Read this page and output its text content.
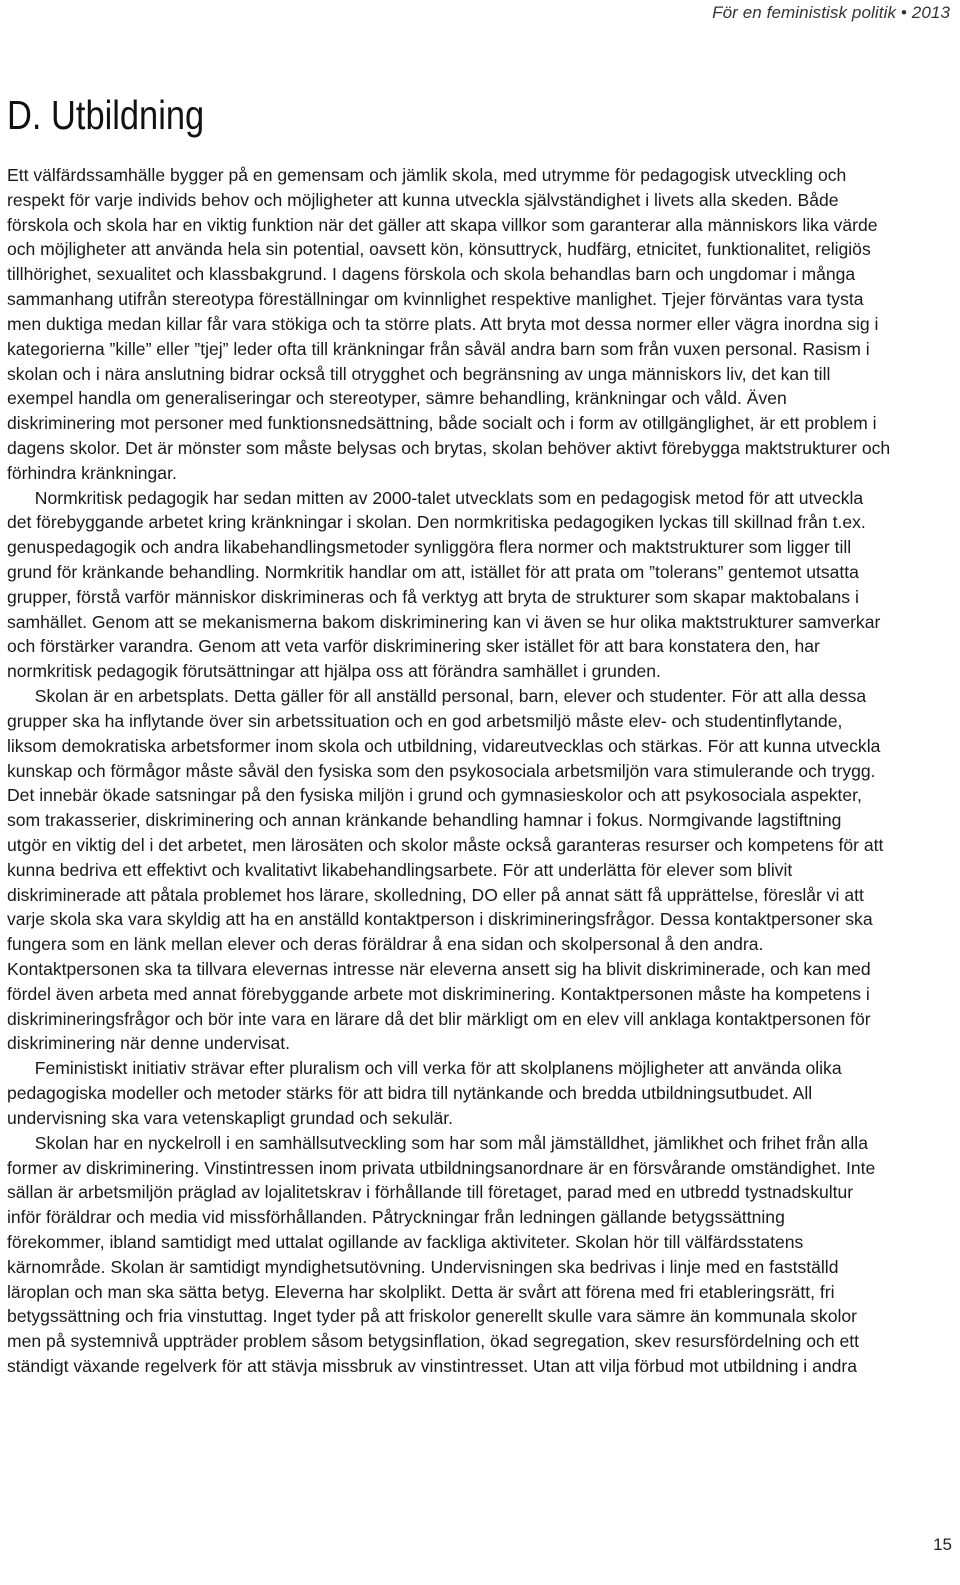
För en feministisk politik • 2013
D. Utbildning
Ett välfärdssamhälle bygger på en gemensam och jämlik skola, med utrymme för pedagogisk utveckling och
respekt för varje individs behov och möjligheter att kunna utveckla självständighet i livets alla skeden. Både
förskola och skola har en viktig funktion när det gäller att skapa villkor som garanterar alla människors lika värde
och möjligheter att använda hela sin potential, oavsett kön, könsuttryck, hudfärg, etnicitet, funktionalitet, religiös
tillhörighet, sexualitet och klassbakgrund. I dagens förskola och skola behandlas barn och ungdomar i många
sammanhang utifrån stereotypa föreställningar om kvinnlighet respektive manlighet. Tjejer förväntas vara tysta
men duktiga medan killar får vara stökiga och ta större plats. Att bryta mot dessa normer eller vägra inordna sig i
kategorierna ”kille” eller ”tjej” leder ofta till kränkningar från såväl andra barn som från vuxen personal. Rasism i
skolan och i nära anslutning bidrar också till otrygghet och begränsning av unga människors liv, det kan till
exempel handla om generaliseringar och stereotyper, sämre behandling, kränkningar och våld. Även
diskriminering mot personer med funktionsnedsättning, både socialt och i form av otillgänglighet, är ett problem i
dagens skolor. Det är mönster som måste belysas och brytas, skolan behöver aktivt förebygga maktstrukturer och
förhindra kränkningar.
Normkritisk pedagogik har sedan mitten av 2000-talet utvecklats som en pedagogisk metod för att utveckla
det förebyggande arbetet kring kränkningar i skolan. Den normkritiska pedagogiken lyckas till skillnad från t.ex.
genuspedagogik och andra likabehandlingsmetoder synliggöra flera normer och maktstrukturer som ligger till
grund för kränkande behandling. Normkritik handlar om att, istället för att prata om ”tolerans” gentemot utsatta
grupper, förstå varför människor diskrimineras och få verktyg att bryta de strukturer som skapar maktobalans i
samhället. Genom att se mekanismerna bakom diskriminering kan vi även se hur olika maktstrukturer samverkar
och förstärker varandra. Genom att veta varför diskriminering sker istället för att bara konstatera den, har
normkritisk pedagogik förutsättningar att hjälpa oss att förändra samhället i grunden.
Skolan är en arbetsplats. Detta gäller för all anställd personal, barn, elever och studenter. För att alla dessa
grupper ska ha inflytande över sin arbetssituation och en god arbetsmiljö måste elev- och studentinflytande,
liksom demokratiska arbetsformer inom skola och utbildning, vidareutvecklas och stärkas. För att kunna utveckla
kunskap och förmågor måste såväl den fysiska som den psykosociala arbetsmiljön vara stimulerande och trygg.
Det innebär ökade satsningar på den fysiska miljön i grund och gymnasieskolor och att psykosociala aspekter,
som trakasserier, diskriminering och annan kränkande behandling hamnar i fokus. Normgivande lagstiftning
utgör en viktig del i det arbetet, men lärosäten och skolor måste också garanteras resurser och kompetens för att
kunna bedriva ett effektivt och kvalitativt likabehandlingsarbete. För att underlätta för elever som blivit
diskriminerade att påtala problemet hos lärare, skolledning, DO eller på annat sätt få upprättelse, föreslår vi att
varje skola ska vara skyldig att ha en anställd kontaktperson i diskrimineringsfrågor. Dessa kontaktpersoner ska
fungera som en länk mellan elever och deras föräldrar å ena sidan och skolpersonal å den andra.
Kontaktpersonen ska ta tillvara elevernas intresse när eleverna ansett sig ha blivit diskriminerade, och kan med
fördel även arbeta med annat förebyggande arbete mot diskriminering. Kontaktpersonen måste ha kompetens i
diskrimineringsfrågor och bör inte vara en lärare då det blir märkligt om en elev vill anklaga kontaktpersonen för
diskriminering när denne undervisat.
Feministiskt initiativ strävar efter pluralism och vill verka för att skolplanens möjligheter att använda olika
pedagogiska modeller och metoder stärks för att bidra till nytänkande och bredda utbildningsutbudet. All
undervisning ska vara vetenskapligt grundad och sekulär.
Skolan har en nyckelroll i en samhällsutveckling som har som mål jämställdhet, jämlikhet och frihet från alla
former av diskriminering. Vinstintressen inom privata utbildningsanordnare är en försvårande omständighet. Inte
sällan är arbetsmiljön präglad av lojalitetskrav i förhållande till företaget, parad med en utbredd tystnadskultur
inför föräldrar och media vid missförhållanden. Påtryckningar från ledningen gällande betygssättning
förekommer, ibland samtidigt med uttalat ogillande av fackliga aktiviteter. Skolan hör till välfärdsstatens
kärnområde. Skolan är samtidigt myndighetsutövning. Undervisningen ska bedrivas i linje med en fastställd
läroplan och man ska sätta betyg. Eleverna har skolplikt. Detta är svårt att förena med fri etableringsrätt, fri
betygssättning och fria vinstuttag. Inget tyder på att friskolor generellt skulle vara sämre än kommunala skolor
men på systemnivå uppträder problem såsom betygsinflation, ökad segregation, skev resursfördelning och ett
ständigt växande regelverk för att stävja missbruk av vinstintresset. Utan att vilja förbud mot utbildning i andra
15
